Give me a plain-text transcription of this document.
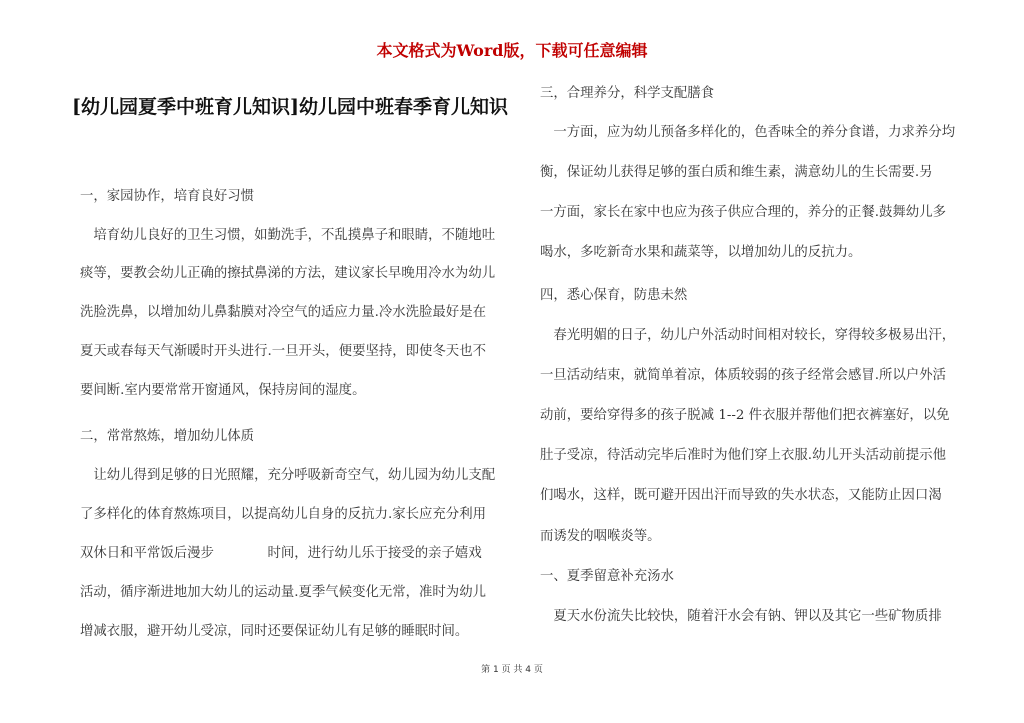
本文格式为Word版，下载可任意编辑
[幼儿园夏季中班育儿知识]幼儿园中班春季育儿知识
一，家园协作，培育良好习惯
　培育幼儿良好的卫生习惯，如勤洗手，不乱摸鼻子和眼睛，不随地吐
痰等，要教会幼儿正确的擦拭鼻涕的方法，建议家长早晚用冷水为幼儿
洗脸洗鼻，以增加幼儿鼻黏膜对冷空气的适应力量.冷水洗脸最好是在
夏天或春每天气渐暖时开头进行.一旦开头，便要坚持，即使冬天也不
要间断.室内要常常开窗通风，保持房间的湿度。
二，常常熬炼，增加幼儿体质
　让幼儿得到足够的日光照耀，充分呼吸新奇空气，幼儿园为幼儿支配
了多样化的体育熬炼项目，以提高幼儿自身的反抗力.家长应充分利用
双休日和平常饭后漫步　　　　时间，进行幼儿乐于接受的亲子嬉戏
活动，循序渐进地加大幼儿的运动量.夏季气候变化无常，准时为幼儿
增减衣服，避开幼儿受凉，同时还要保证幼儿有足够的睡眠时间。
三，合理养分，科学支配膳食
　一方面，应为幼儿预备多样化的，色香味全的养分食谱，力求养分均
衡，保证幼儿获得足够的蛋白质和维生素，满意幼儿的生长需要.另
一方面，家长在家中也应为孩子供应合理的，养分的正餐.鼓舞幼儿多
喝水，多吃新奇水果和蔬菜等，以增加幼儿的反抗力。
四，悉心保育，防患未然
　春光明媚的日子，幼儿户外活动时间相对较长，穿得较多极易出汗，
一旦活动结束，就简单着凉，体质较弱的孩子经常会感冒.所以户外活
动前，要给穿得多的孩子脱减 1--2 件衣服并帮他们把衣裤塞好，以免
肚子受凉，待活动完毕后准时为他们穿上衣服.幼儿开头活动前提示他
们喝水，这样，既可避开因出汗而导致的失水状态，又能防止因口渴
而诱发的咽喉炎等。
一、夏季留意补充汤水
　夏天水份流失比较快，随着汗水会有钠、钾以及其它一些矿物质排
第 1 页 共 4 页
